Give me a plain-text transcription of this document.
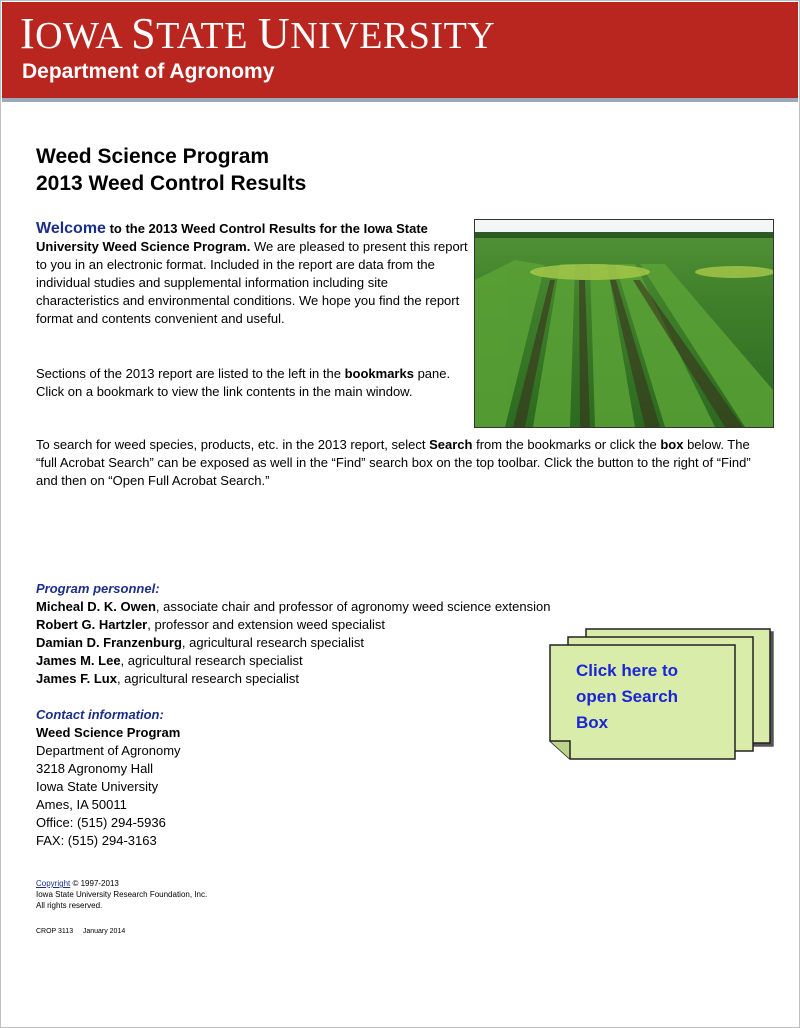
IOWA STATE UNIVERSITY
Department of Agronomy
Weed Science Program
2013 Weed Control Results
Welcome to the 2013 Weed Control Results for the Iowa State University Weed Science Program. We are pleased to present this report to you in an electronic format. Included in the report are data from the individual studies and supplemental information including site characteristics and environmental conditions. We hope you find the report format and contents convenient and useful.
Sections of the 2013 report are listed to the left in the bookmarks pane. Click on a bookmark to view the link contents in the main window.
To search for weed species, products, etc. in the 2013 report, select Search from the bookmarks or click the box below. The “full Acrobat Search” can be exposed as well in the “Find” search box on the top toolbar. Click the button to the right of “Find” and then on “Open Full Acrobat Search.”
Program personnel:
Micheal D. K. Owen, associate chair and professor of agronomy weed science extension
Robert G. Hartzler, professor and extension weed specialist
Damian D. Franzenburg, agricultural research specialist
James M. Lee, agricultural research specialist
James F. Lux, agricultural research specialist
Contact information:
Weed Science Program
Department of Agronomy
3218 Agronomy Hall
Iowa State University
Ames, IA 50011
Office: (515) 294-5936
FAX: (515) 294-3163
Copyright © 1997-2013
Iowa State University Research Foundation, Inc.
All rights reserved.
CROP 3113     January 2014
Click here to
open Search
Box
